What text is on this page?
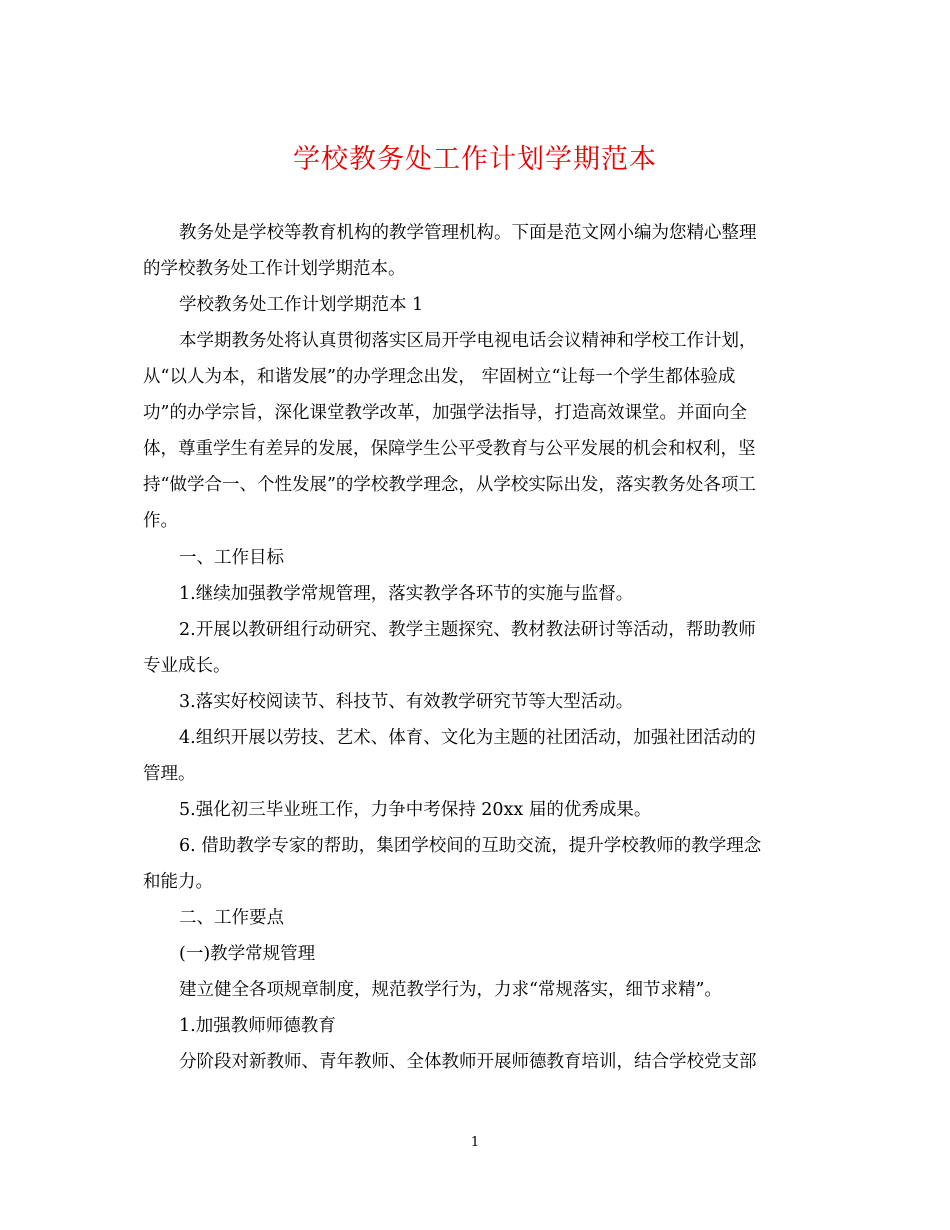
学校教务处工作计划学期范本
教务处是学校等教育机构的教学管理机构。下面是范文网小编为您精心整理
的学校教务处工作计划学期范本。
学校教务处工作计划学期范本 1
本学期教务处将认真贯彻落实区局开学电视电话会议精神和学校工作计划，
从“以人为本，和谐发展”的办学理念出发， 牢固树立“让每一个学生都体验成
功”的办学宗旨，深化课堂教学改革，加强学法指导，打造高效课堂。并面向全
体，尊重学生有差异的发展，保障学生公平受教育与公平发展的机会和权利，坚
持“做学合一、个性发展”的学校教学理念，从学校实际出发，落实教务处各项工
作。
一、工作目标
1.继续加强教学常规管理，落实教学各环节的实施与监督。
2.开展以教研组行动研究、教学主题探究、教材教法研讨等活动，帮助教师
专业成长。
3.落实好校阅读节、科技节、有效教学研究节等大型活动。
4.组织开展以劳技、艺术、体育、文化为主题的社团活动，加强社团活动的
管理。
5.强化初三毕业班工作，力争中考保持 20xx 届的优秀成果。
6. 借助教学专家的帮助，集团学校间的互助交流，提升学校教师的教学理念
和能力。
二、工作要点
(一)教学常规管理
建立健全各项规章制度，规范教学行为，力求“常规落实，细节求精”。
1.加强教师师德教育
分阶段对新教师、青年教师、全体教师开展师德教育培训，结合学校党支部
1
